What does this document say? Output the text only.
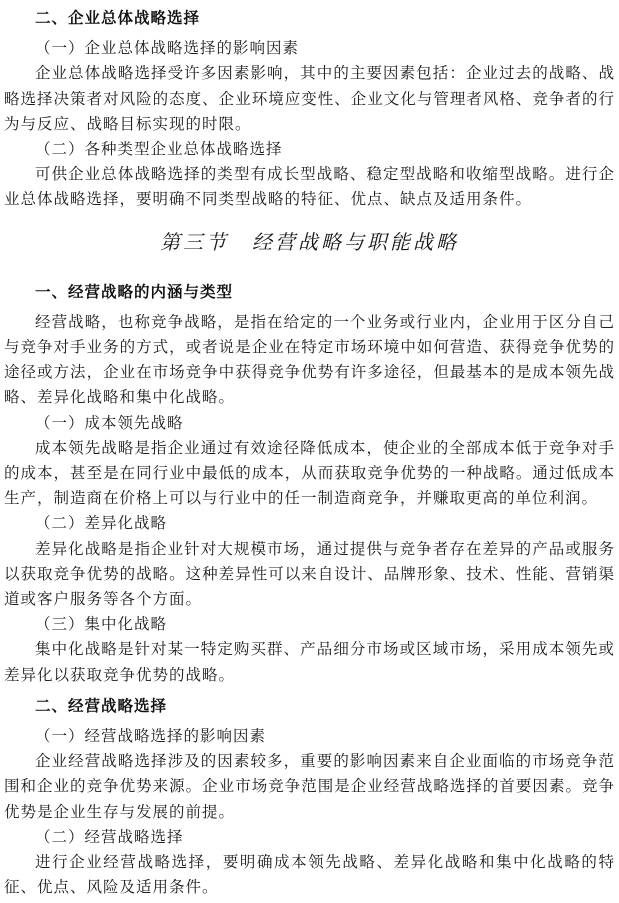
二、企业总体战略选择

（一）企业总体战略选择的影响因素

企业总体战略选择受许多因素影响，其中的主要因素包括：企业过去的战略、战略选择决策者对风险的态度、企业环境应变性、企业文化与管理者风格、竞争者的行为与反应、战略目标实现的时限。

（二）各种类型企业总体战略选择

可供企业总体战略选择的类型有成长型战略、稳定型战略和收缩型战略。进行企业总体战略选择，要明确不同类型战略的特征、优点、缺点及适用条件。

第三节　经营战略与职能战略
一、经营战略的内涵与类型

经营战略，也称竞争战略，是指在给定的一个业务或行业内，企业用于区分自己与竞争对手业务的方式，或者说是企业在特定市场环境中如何营造、获得竞争优势的途径或方法，企业在市场竞争中获得竞争优势有许多途径，但最基本的是成本领先战略、差异化战略和集中化战略。

（一）成本领先战略

成本领先战略是指企业通过有效途径降低成本，使企业的全部成本低于竞争对手的成本，甚至是在同行业中最低的成本，从而获取竞争优势的一种战略。通过低成本生产，制造商在价格上可以与行业中的任一制造商竞争，并赚取更高的单位利润。

（二）差异化战略

差异化战略是指企业针对大规模市场，通过提供与竞争者存在差异的产品或服务以获取竞争优势的战略。这种差异性可以来自设计、品牌形象、技术、性能、营销渠道或客户服务等各个方面。

（三）集中化战略

集中化战略是针对某一特定购买群、产品细分市场或区域市场，采用成本领先或差异化以获取竞争优势的战略。

二、经营战略选择

（一）经营战略选择的影响因素

企业经营战略选择涉及的因素较多，重要的影响因素来自企业面临的市场竞争范围和企业的竞争优势来源。企业市场竞争范围是企业经营战略选择的首要因素。竞争优势是企业生存与发展的前提。

（二）经营战略选择

进行企业经营战略选择，要明确成本领先战略、差异化战略和集中化战略的特征、优点、风险及适用条件。
